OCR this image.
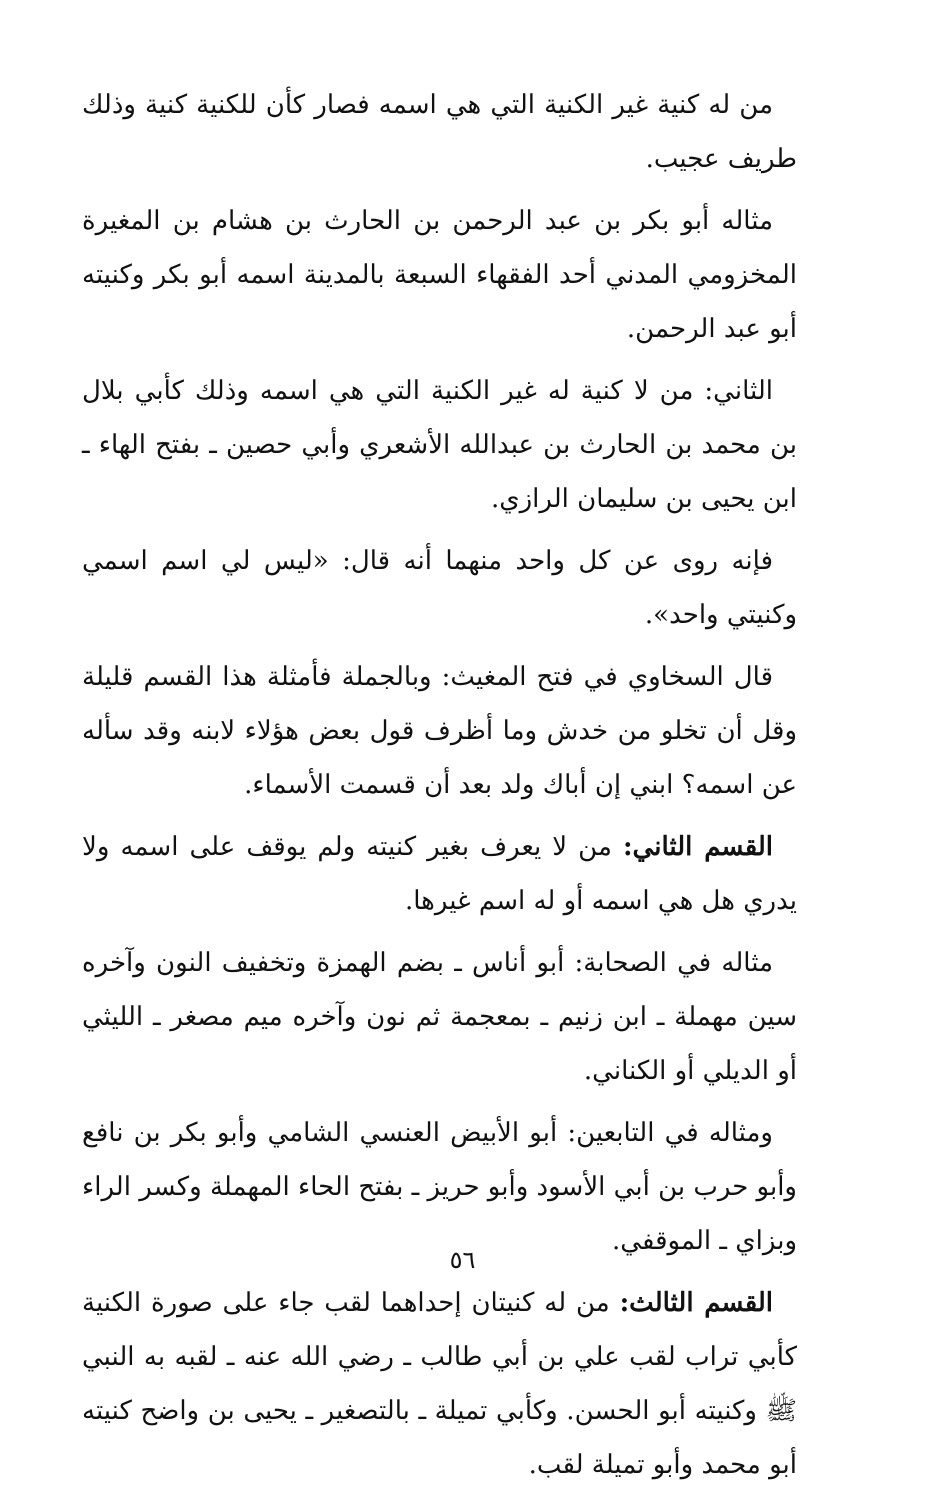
من له كنية غير الكنية التي هي اسمه فصار كأن للكنية كنية وذلك طريف عجيب.

مثاله أبو بكر بن عبد الرحمن بن الحارث بن هشام بن المغيرة المخزومي المدني أحد الفقهاء السبعة بالمدينة اسمه أبو بكر وكنيته أبو عبد الرحمن.

الثاني: من لا كنية له غير الكنية التي هي اسمه وذلك كأبي بلال بن محمد بن الحارث بن عبدالله الأشعري وأبي حصين ـ بفتح الهاء ـ ابن يحيى بن سليمان الرازي.

فإنه روى عن كل واحد منهما أنه قال: «ليس لي اسم اسمي وكنيتي واحد».

قال السخاوي في فتح المغيث: وبالجملة فأمثلة هذا القسم قليلة وقل أن تخلو من خدش وما أظرف قول بعض هؤلاء لابنه وقد سأله عن اسمه؟ ابني إن أباك ولد بعد أن قسمت الأسماء.

القسم الثاني: من لا يعرف بغير كنيته ولم يوقف على اسمه ولا يدري هل هي اسمه أو له اسم غيرها.

مثاله في الصحابة: أبو أناس ـ بضم الهمزة وتخفيف النون وآخره سين مهملة ـ ابن زنيم ـ بمعجمة ثم نون وآخره ميم مصغر ـ الليثي أو الديلي أو الكناني.

ومثاله في التابعين: أبو الأبيض العنسي الشامي وأبو بكر بن نافع وأبو حرب بن أبي الأسود وأبو حريز ـ بفتح الحاء المهملة وكسر الراء وبزاي ـ الموقفي.

القسم الثالث: من له كنيتان إحداهما لقب جاء على صورة الكنية كأبي تراب لقب علي بن أبي طالب ـ رضي الله عنه ـ لقبه به النبي ﷺ وكنيته أبو الحسن. وكأبي تميلة ـ بالتصغير ـ يحيى بن واضح كنيته أبو محمد وأبو تميلة لقب.

٥٦
